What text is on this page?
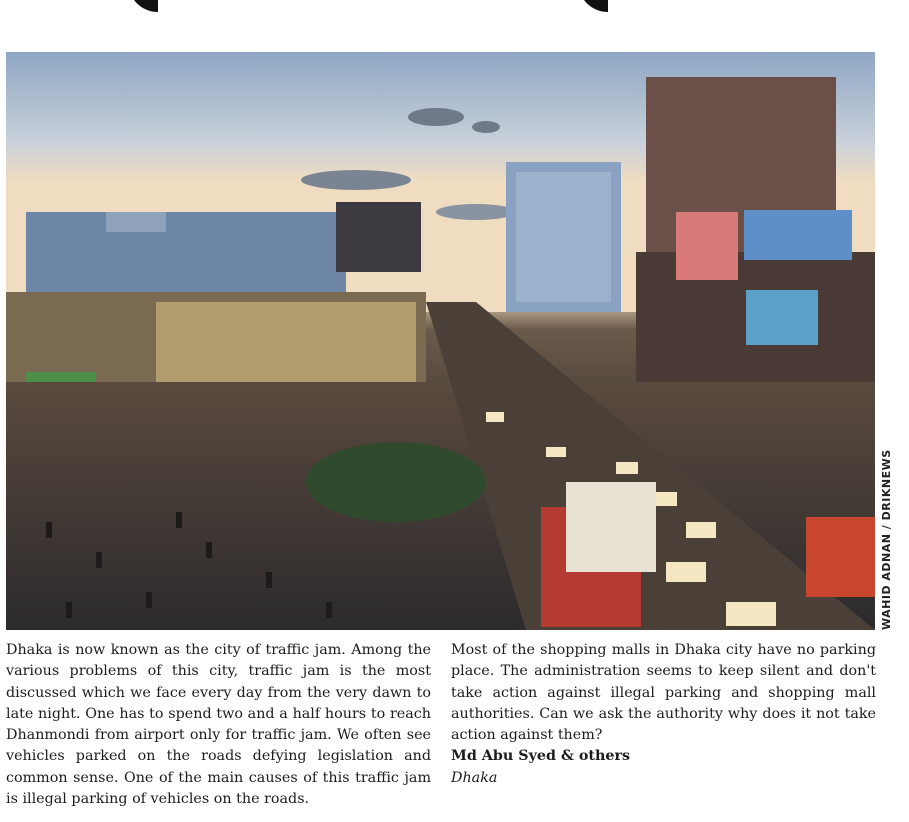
WAHID ADNAN / DRIKNEWS

Dhaka is now known as the city of traffic jam. Among the various problems of this city, traffic jam is the most discussed which we face every day from the very dawn to late night. One has to spend two and a half hours to reach Dhanmondi from airport only for traffic jam. We often see vehicles parked on the roads defying legislation and common sense. One of the main causes of this traffic jam is illegal parking of vehicles on the roads.

Most of the shopping malls in Dhaka city have no parking place. The administration seems to keep silent and don't take action against illegal parking and shopping mall authorities. Can we ask the authority why does it not take action against them?

Md Abu Syed & others

Dhaka
